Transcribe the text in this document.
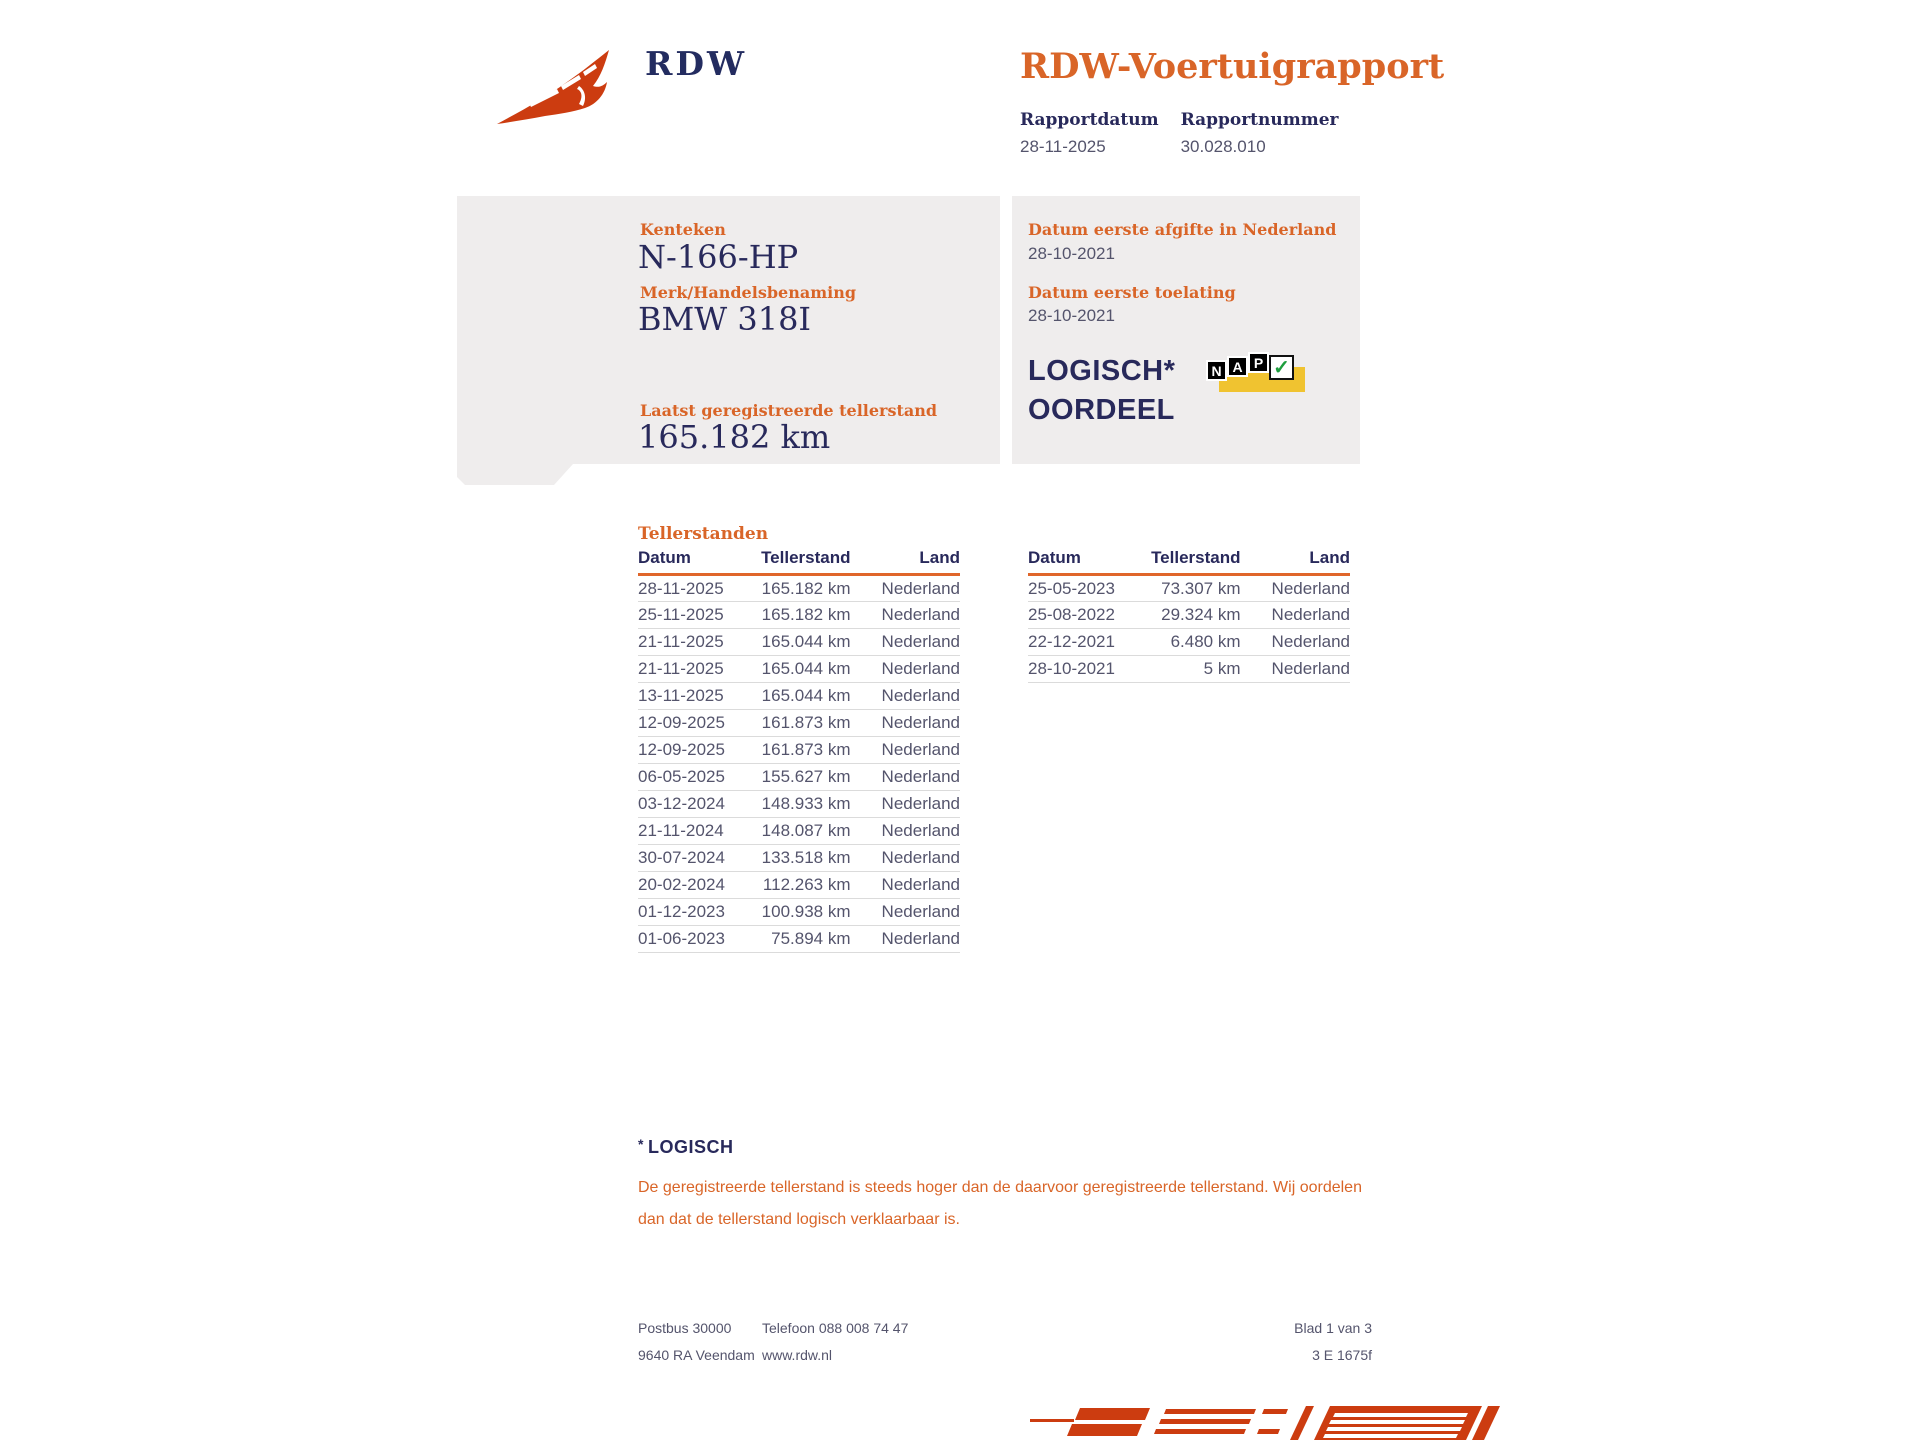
RDW	RDW-Voertuigrapport
Rapportdatum
28-11-2025
Rapportnummer
30.028.010
Kenteken
N-166-HP
Merk/Handelsbenaming
BMW 318I
Laatst geregistreerde tellerstand
165.182 km
Datum eerste afgifte in Nederland
28-10-2021
Datum eerste toelating
28-10-2021
LOGISCH*
OORDEEL
N A P ✓
Tellerstanden
Datum	Tellerstand	Land
28-11-2025	165.182 km	Nederland
25-11-2025	165.182 km	Nederland
21-11-2025	165.044 km	Nederland
21-11-2025	165.044 km	Nederland
13-11-2025	165.044 km	Nederland
12-09-2025	161.873 km	Nederland
12-09-2025	161.873 km	Nederland
06-05-2025	155.627 km	Nederland
03-12-2024	148.933 km	Nederland
21-11-2024	148.087 km	Nederland
30-07-2024	133.518 km	Nederland
20-02-2024	112.263 km	Nederland
01-12-2023	100.938 km	Nederland
01-06-2023	75.894 km	Nederland
Datum	Tellerstand	Land
25-05-2023	73.307 km	Nederland
25-08-2022	29.324 km	Nederland
22-12-2021	6.480 km	Nederland
28-10-2021	5 km	Nederland
* LOGISCH
De geregistreerde tellerstand is steeds hoger dan de daarvoor geregistreerde tellerstand. Wij oordelen dan dat de tellerstand logisch verklaarbaar is.
Postbus 30000
9640 RA Veendam
Telefoon 088 008 74 47
www.rdw.nl
Blad 1 van 3
3 E 1675f
